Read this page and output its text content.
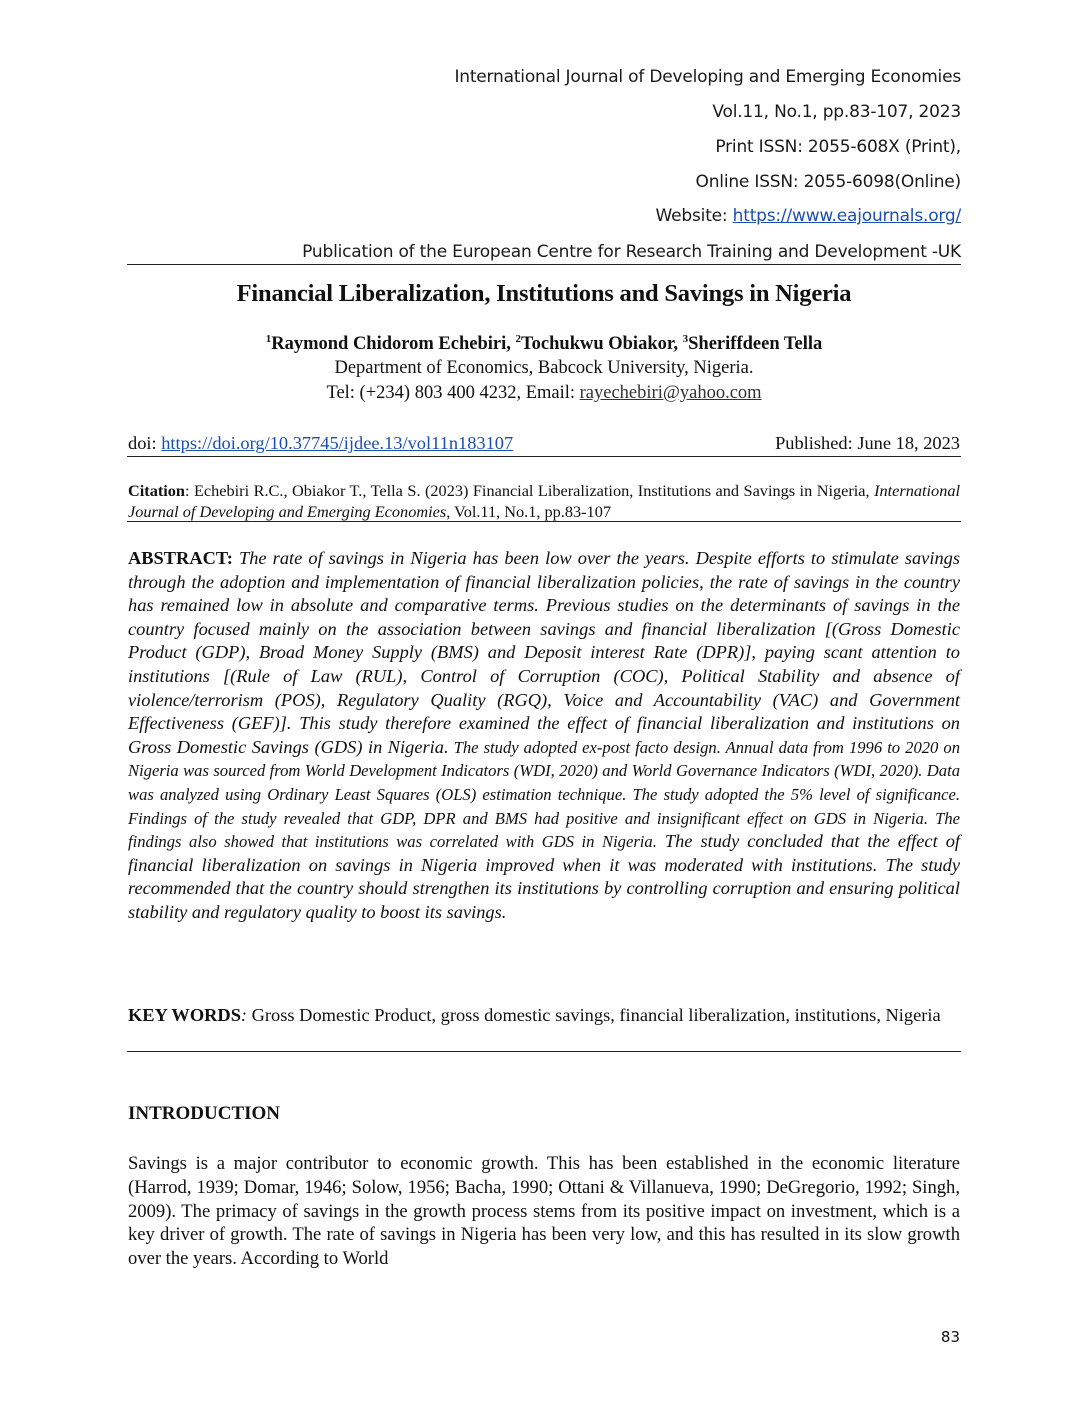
International Journal of Developing and Emerging Economies
Vol.11, No.1, pp.83-107, 2023
Print ISSN: 2055-608X (Print),
Online ISSN: 2055-6098(Online)
Website: https://www.eajournals.org/
Publication of the European Centre for Research Training and Development -UK
Financial Liberalization, Institutions and Savings in Nigeria
$^1$Raymond Chidorom Echebiri, $^2$Tochukwu Obiakor, $^3$Sheriffdeen Tella
Department of Economics, Babcock University, Nigeria.
Tel: (+234) 803 400 4232, Email: rayechebiri@yahoo.com
doi: https://doi.org/10.37745/ijdee.13/vol11n183107	Published: June 18, 2023
Citation: Echebiri R.C., Obiakor T., Tella S. (2023) Financial Liberalization, Institutions and Savings in Nigeria, International Journal of Developing and Emerging Economies, Vol.11, No.1, pp.83-107
ABSTRACT: The rate of savings in Nigeria has been low over the years. Despite efforts to stimulate savings through the adoption and implementation of financial liberalization policies, the rate of savings in the country has remained low in absolute and comparative terms. Previous studies on the determinants of savings in the country focused mainly on the association between savings and financial liberalization [(Gross Domestic Product (GDP), Broad Money Supply (BMS) and Deposit interest Rate (DPR)], paying scant attention to institutions [(Rule of Law (RUL), Control of Corruption (COC), Political Stability and absence of violence/terrorism (POS), Regulatory Quality (RGQ), Voice and Accountability (VAC) and Government Effectiveness (GEF)]. This study therefore examined the effect of financial liberalization and institutions on Gross Domestic Savings (GDS) in Nigeria. The study adopted ex-post facto design. Annual data from 1996 to 2020 on Nigeria was sourced from World Development Indicators (WDI, 2020) and World Governance Indicators (WDI, 2020). Data was analyzed using Ordinary Least Squares (OLS) estimation technique. The study adopted the 5% level of significance. Findings of the study revealed that GDP, DPR and BMS had positive and insignificant effect on GDS in Nigeria. The findings also showed that institutions was correlated with GDS in Nigeria. The study concluded that the effect of financial liberalization on savings in Nigeria improved when it was moderated with institutions. The study recommended that the country should strengthen its institutions by controlling corruption and ensuring political stability and regulatory quality to boost its savings.
KEY WORDS: Gross Domestic Product, gross domestic savings, financial liberalization, institutions, Nigeria
INTRODUCTION
Savings is a major contributor to economic growth. This has been established in the economic literature (Harrod, 1939; Domar, 1946; Solow, 1956; Bacha, 1990; Ottani & Villanueva, 1990; DeGregorio, 1992; Singh, 2009). The primacy of savings in the growth process stems from its positive impact on investment, which is a key driver of growth. The rate of savings in Nigeria has been very low, and this has resulted in its slow growth over the years. According to World
83
